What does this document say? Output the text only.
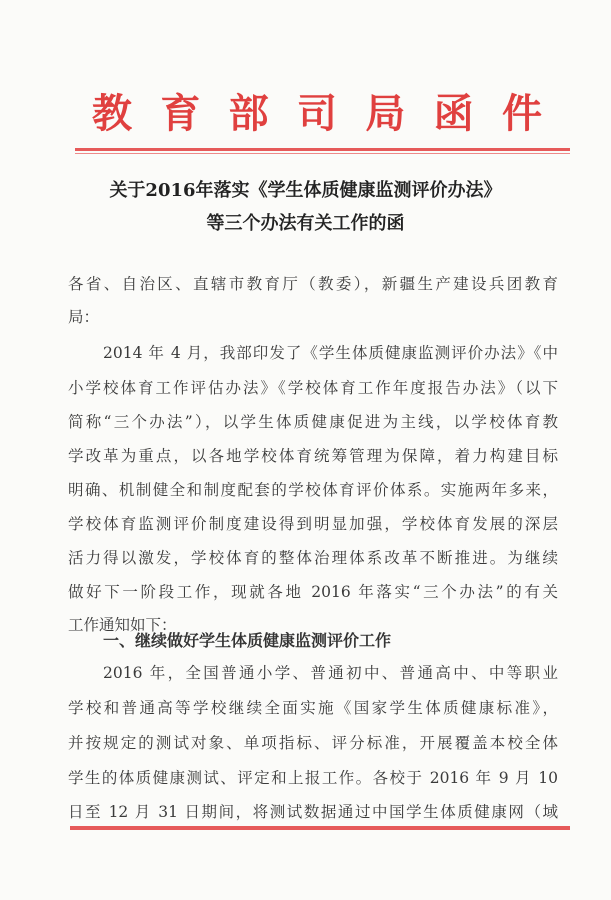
教 育 部 司 局 函 件
关于2016年落实《学生体质健康监测评价办法》
等三个办法有关工作的函
各省、自治区、直辖市教育厅（教委），新疆生产建设兵团教育
局：
2014 年 4 月，我部印发了《学生体质健康监测评价办法》《中
小学校体育工作评估办法》《学校体育工作年度报告办法》（以下
简称“三个办法”），以学生体质健康促进为主线，以学校体育教
学改革为重点，以各地学校体育统筹管理为保障，着力构建目标
明确、机制健全和制度配套的学校体育评价体系。实施两年多来，
学校体育监测评价制度建设得到明显加强，学校体育发展的深层
活力得以激发，学校体育的整体治理体系改革不断推进。为继续
做好下一阶段工作，现就各地 2016 年落实“三个办法”的有关
工作通知如下：
一、继续做好学生体质健康监测评价工作
2016 年，全国普通小学、普通初中、普通高中、中等职业
学校和普通高等学校继续全面实施《国家学生体质健康标准》，
并按规定的测试对象、单项指标、评分标准，开展覆盖本校全体
学生的体质健康测试、评定和上报工作。各校于 2016 年 9 月 10
日至 12 月 31 日期间，将测试数据通过中国学生体质健康网（域
